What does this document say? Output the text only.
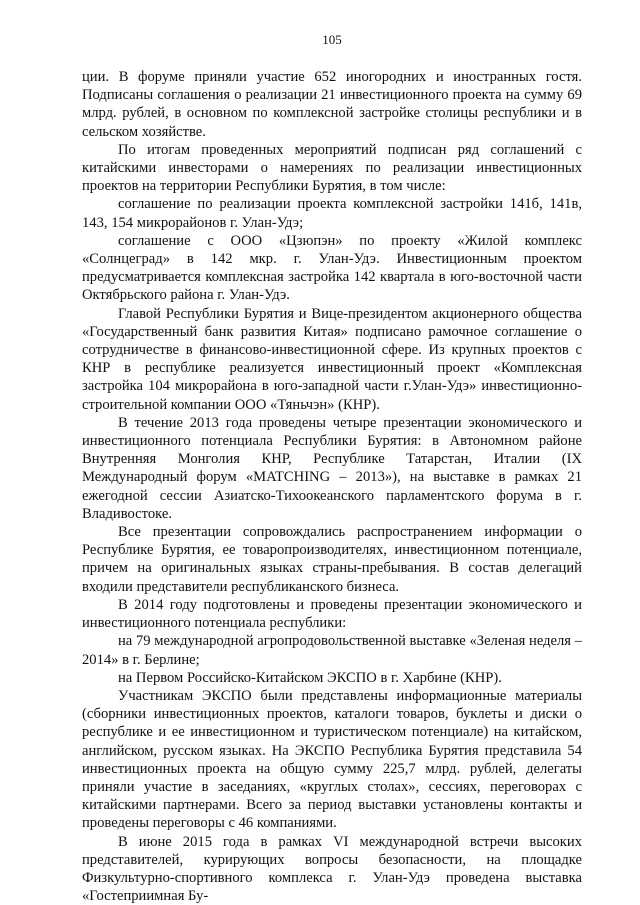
105

ции. В форуме приняли участие 652 иногородних и иностранных гостя. Подписаны соглашения о реализации 21 инвестиционного проекта на сумму 69 млрд. рублей, в основном по комплексной застройке столицы республики и в сельском хозяйстве.

По итогам проведенных мероприятий подписан ряд соглашений с китайскими инвесторами о намерениях по реализации инвестиционных проектов на территории Республики Бурятия, в том числе:

соглашение по реализации проекта комплексной застройки 141б, 141в, 143, 154 микрорайонов г. Улан-Удэ;

соглашение с ООО «Цзюпэн» по проекту «Жилой комплекс «Солнцеград» в 142 мкр. г. Улан-Удэ. Инвестиционным проектом предусматривается комплексная застройка 142 квартала в юго-восточной части Октябрьского района г. Улан-Удэ.

Главой Республики Бурятия и Вице-президентом акционерного общества «Государственный банк развития Китая» подписано рамочное соглашение о сотрудничестве в финансово-инвестиционной сфере. Из крупных проектов с КНР в республике реализуется инвестиционный проект «Комплексная застройка 104 микрорайона в юго-западной части г.Улан-Удэ» инвестиционно-строительной компании ООО «Тяньчэн» (КНР).

В течение 2013 года проведены четыре презентации экономического и инвестиционного потенциала Республики Бурятия: в Автономном районе Внутренняя Монголия КНР, Республике Татарстан, Италии (IX Международный форум «MATCHING – 2013»), на выставке в рамках 21 ежегодной сессии Азиатско-Тихоокеанского парламентского форума в г. Владивостоке.

Все презентации сопровождались распространением информации о Республике Бурятия, ее товаропроизводителях, инвестиционном потенциале, причем на оригинальных языках страны-пребывания. В состав делегаций входили представители республиканского бизнеса.

В 2014 году подготовлены и проведены презентации экономического и инвестиционного потенциала республики:

на 79 международной агропродовольственной выставке «Зеленая неделя – 2014» в г. Берлине;

на Первом Российско-Китайском ЭКСПО в г. Харбине (КНР).

Участникам ЭКСПО были представлены информационные материалы (сборники инвестиционных проектов, каталоги товаров, буклеты и диски о республике и ее инвестиционном и туристическом потенциале) на китайском, английском, русском языках. На ЭКСПО Республика Бурятия представила 54 инвестиционных проекта на общую сумму 225,7 млрд. рублей, делегаты приняли участие в заседаниях, «круглых столах», сессиях, переговорах с китайскими партнерами. Всего за период выставки установлены контакты и проведены переговоры с 46 компаниями.

В июне 2015 года в рамках VI международной встречи высоких представителей, курирующих вопросы безопасности, на площадке Физкультурно-спортивного комплекса г. Улан-Удэ проведена выставка «Гостеприимная Бу-
